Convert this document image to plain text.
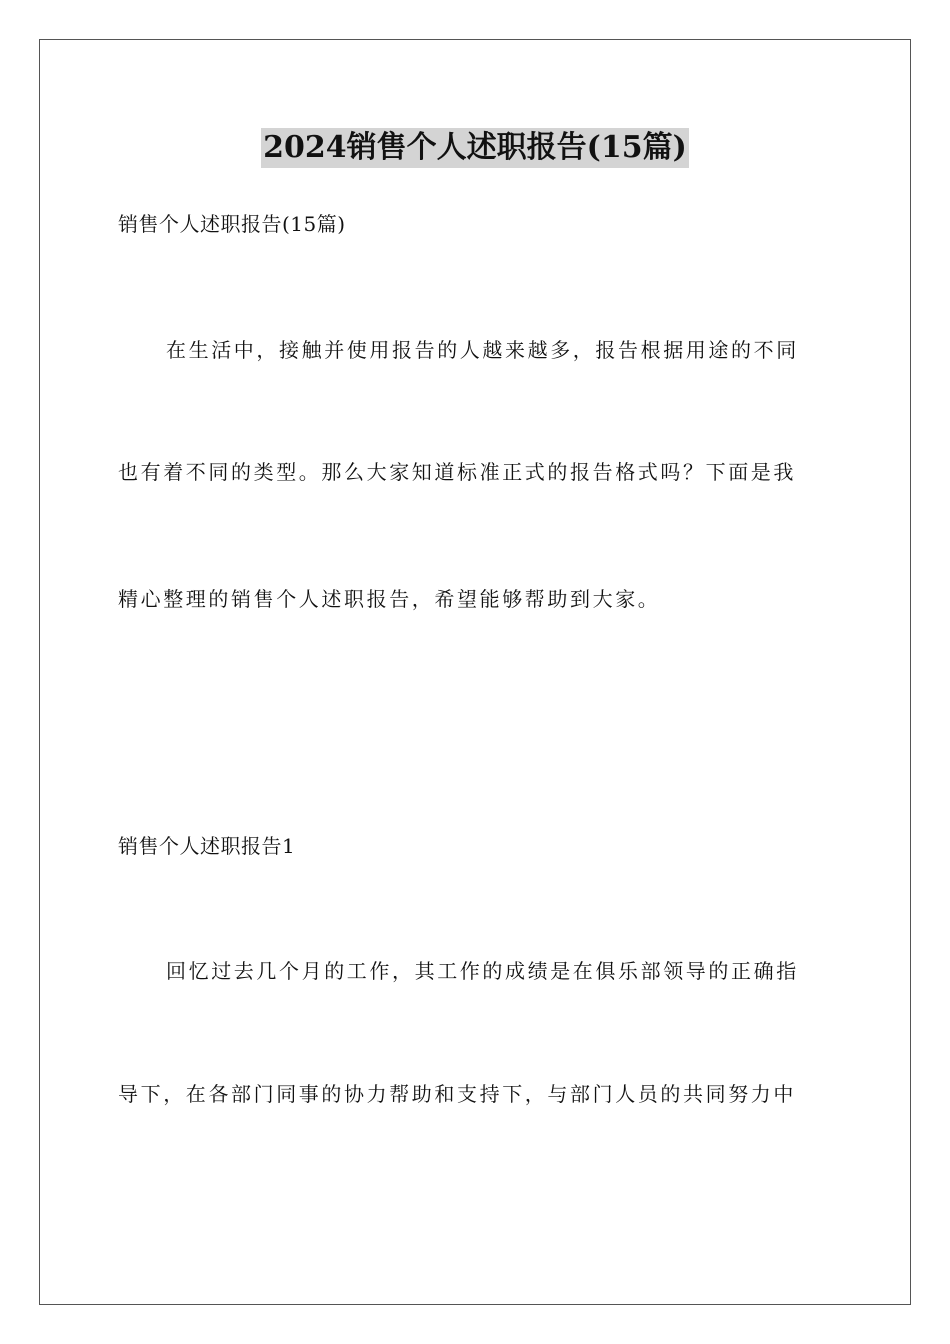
2024销售个人述职报告(15篇)
销售个人述职报告(15篇)
在生活中，接触并使用报告的人越来越多，报告根据用途的不同
也有着不同的类型。那么大家知道标准正式的报告格式吗？下面是我
精心整理的销售个人述职报告，希望能够帮助到大家。
销售个人述职报告1
回忆过去几个月的工作，其工作的成绩是在俱乐部领导的正确指
导下，在各部门同事的协力帮助和支持下，与部门人员的共同努力中
